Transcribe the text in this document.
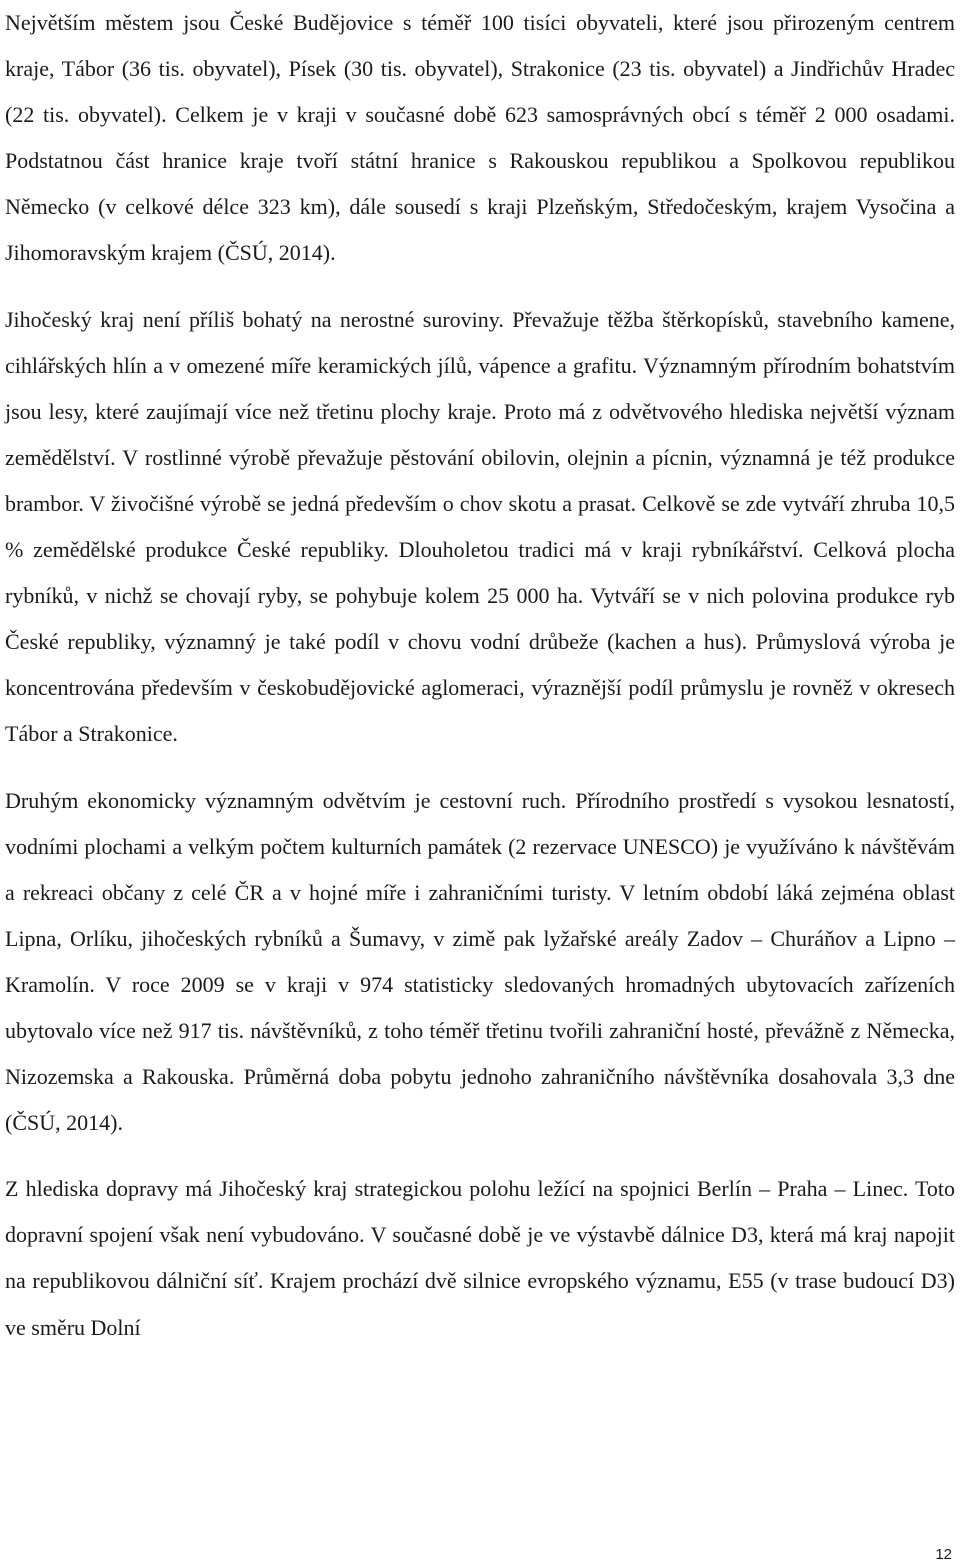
Největším městem jsou České Budějovice s téměř 100 tisíci obyvateli, které jsou přirozeným centrem kraje, Tábor (36 tis. obyvatel), Písek (30 tis. obyvatel), Strakonice (23 tis. obyvatel) a Jindřichův Hradec (22 tis. obyvatel). Celkem je v kraji v současné době 623 samosprávných obcí s téměř 2 000 osadami. Podstatnou část hranice kraje tvoří státní hranice s Rakouskou republikou a Spolkovou republikou Německo (v celkové délce 323 km), dále sousedí s kraji Plzeňským, Středočeským, krajem Vysočina a Jihomoravským krajem (ČSÚ, 2014).

Jihočeský kraj není příliš bohatý na nerostné suroviny. Převažuje těžba štěrkopísků, stavebního kamene, cihlářských hlín a v omezené míře keramických jílů, vápence a grafitu. Významným přírodním bohatstvím jsou lesy, které zaujímají více než třetinu plochy kraje. Proto má z odvětvového hlediska největší význam zemědělství. V rostlinné výrobě převažuje pěstování obilovin, olejnin a pícnin, významná je též produkce brambor. V živočišné výrobě se jedná především o chov skotu a prasat. Celkově se zde vytváří zhruba 10,5 % zemědělské produkce České republiky. Dlouholetou tradici má v kraji rybníkářství. Celková plocha rybníků, v nichž se chovají ryby, se pohybuje kolem 25 000 ha. Vytváří se v nich polovina produkce ryb České republiky, významný je také podíl v chovu vodní drůbeže (kachen a hus). Průmyslová výroba je koncentrována především v českobudějovické aglomeraci, výraznější podíl průmyslu je rovněž v okresech Tábor a Strakonice.

Druhým ekonomicky významným odvětvím je cestovní ruch. Přírodního prostředí s vysokou lesnatostí, vodními plochami a velkým počtem kulturních památek (2 rezervace UNESCO) je využíváno k návštěvám a rekreaci občany z celé ČR a v hojné míře i zahraničními turisty. V letním období láká zejména oblast Lipna, Orlíku, jihočeských rybníků a Šumavy, v zimě pak lyžařské areály Zadov – Churáňov a Lipno – Kramolín. V roce 2009 se v kraji v 974 statisticky sledovaných hromadných ubytovacích zařízeních ubytovalo více než 917 tis. návštěvníků, z toho téměř třetinu tvořili zahraniční hosté, převážně z Německa, Nizozemska a Rakouska. Průměrná doba pobytu jednoho zahraničního návštěvníka dosahovala 3,3 dne (ČSÚ, 2014).

Z hlediska dopravy má Jihočeský kraj strategickou polohu ležící na spojnici Berlín – Praha – Linec. Toto dopravní spojení však není vybudováno. V současné době je ve výstavbě dálnice D3, která má kraj napojit na republikovou dálniční síť. Krajem prochází dvě silnice evropského významu, E55 (v trase budoucí D3) ve směru Dolní

12
